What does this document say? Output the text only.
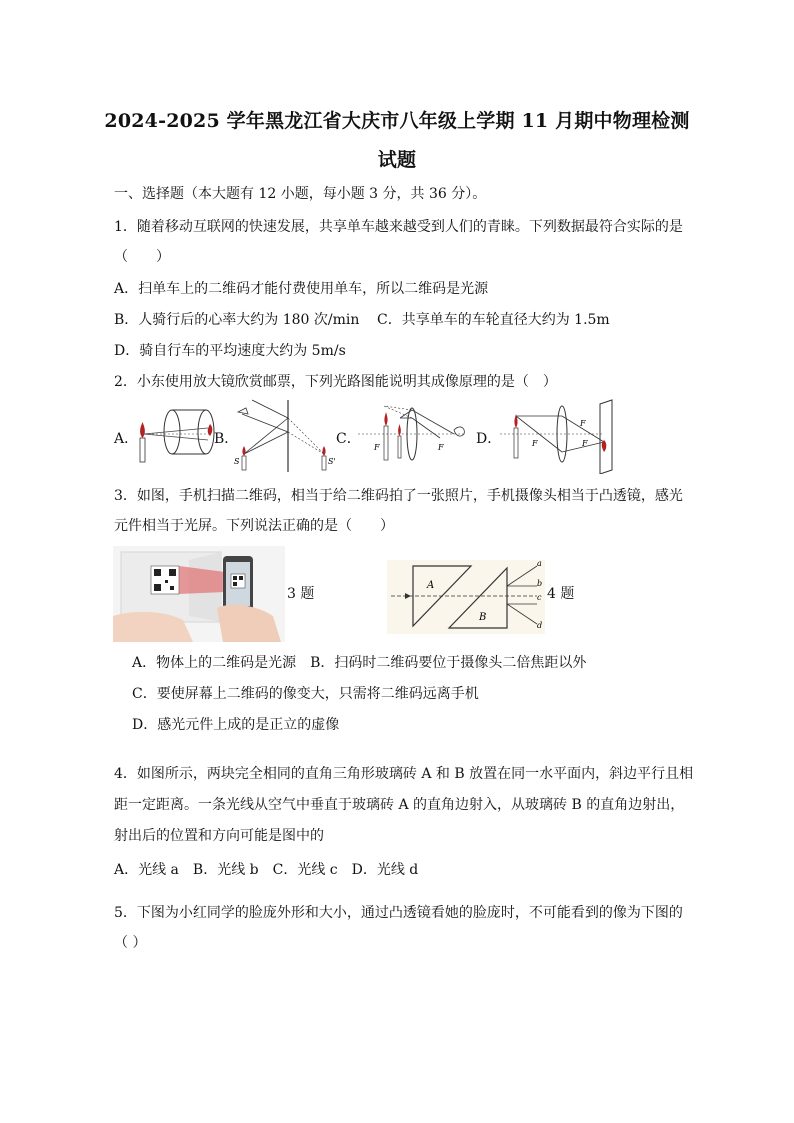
2024-2025 学年黑龙江省大庆市八年级上学期 11 月期中物理检测
试题
一、选择题（本大题有 12 小题，每小题 3 分，共 36 分）。
1．随着移动互联网的快速发展，共享单车越来越受到人们的青睐。下列数据最符合实际的是
（　　）
A．扫单车上的二维码才能付费使用单车，所以二维码是光源
B．人骑行后的心率大约为 180 次/min C．共享单车的车轮直径大约为 1.5m
D．骑自行车的平均速度大约为 5m/s
2．小东使用放大镜欣赏邮票，下列光路图能说明其成像原理的是（　）
A．	B．
S	S'
C．
F	F
D．	F
F
F
3．如图，手机扫描二维码，相当于给二维码拍了一张照片，手机摄像头相当于凸透镜，感光
元件相当于光屏。下列说法正确的是（　　）
3 题
A
B
a
b
c
d
4 题
A．物体上的二维码是光源　B．扫码时二维码要位于摄像头二倍焦距以外
C．要使屏幕上二维码的像变大，只需将二维码远离手机
D．感光元件上成的是正立的虚像
4．如图所示，两块完全相同的直角三角形玻璃砖 A 和 B 放置在同一水平面内，斜边平行且相
距一定距离。一条光线从空气中垂直于玻璃砖 A 的直角边射入，从玻璃砖 B 的直角边射出，
射出后的位置和方向可能是图中的
A．光线 a　B．光线 b　C．光线 c　D．光线 d
5．下图为小红同学的脸庞外形和大小，通过凸透镜看她的脸庞时，不可能看到的像为下图的
（ ）
